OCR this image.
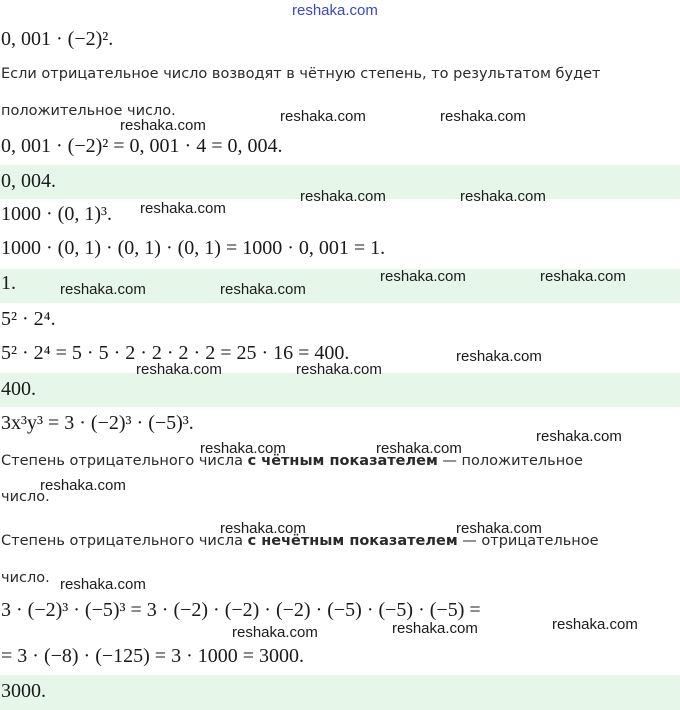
reshaka.com
0, 001 · (−2)².
Если отрицательное число возводят в чётную степень, то результатом будет
положительное число.
0, 001 · (−2)² = 0, 001 · 4 = 0, 004.
0, 004.
1000 · (0, 1)³.
1000 · (0, 1) · (0, 1) · (0, 1) = 1000 · 0, 001 = 1.
1.
5² · 2⁴.
5² · 2⁴ = 5 · 5 · 2 · 2 · 2 · 2 = 25 · 16 = 400.
400.
3x³y³ = 3 · (−2)³ · (−5)³.
Степень отрицательного числа с чётным показателем — положительное
число.
Степень отрицательного числа с нечётным показателем — отрицательное
число.
3 · (−2)³ · (−5)³ = 3 · (−2) · (−2) · (−2) · (−5) · (−5) · (−5) =
= 3 · (−8) · (−125) = 3 · 1000 = 3000.
3000.
reshaka.com
reshaka.com	reshaka.com
reshaka.com
reshaka.com	reshaka.com
reshaka.com	reshaka.com
reshaka.com	reshaka.com
reshaka.com	reshaka.com
reshaka.com
reshaka.com	reshaka.com
reshaka.com
reshaka.com
reshaka.com	reshaka.com
reshaka.com
reshaka.com	reshaka.com	reshaka.com
